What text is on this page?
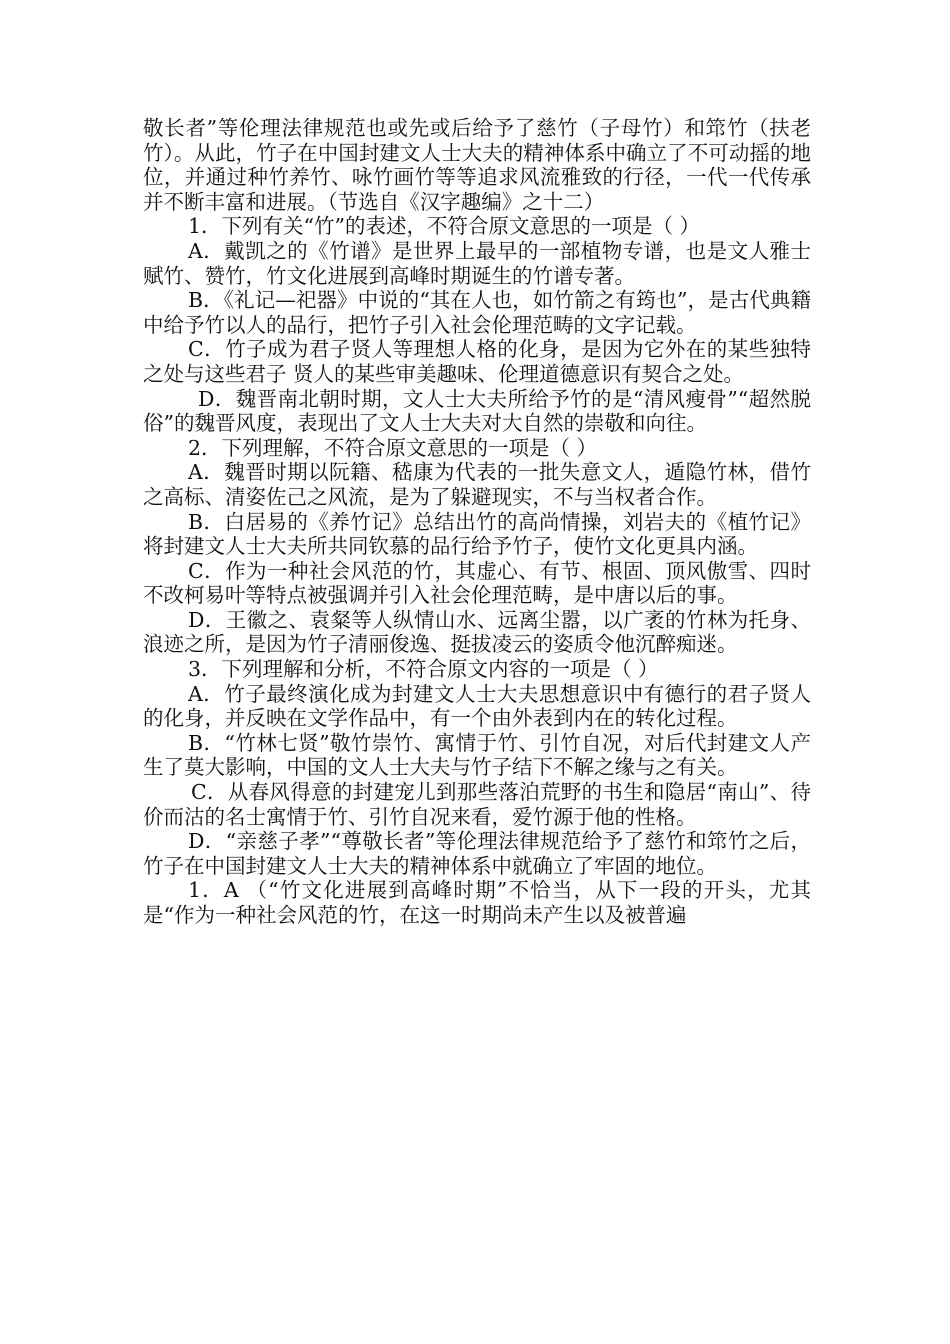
敬长者”等伦理法律规范也或先或后给予了慈竹（子母竹）和筇竹（扶老竹）。从此，竹子在中国封建文人士大夫的精神体系中确立了不可动摇的地位，并通过种竹养竹、咏竹画竹等等追求风流雅致的行径，一代一代传承并不断丰富和进展。（节选自《汉字趣编》之十二）

1．下列有关“竹”的表述，不符合原文意思的一项是（ ）

A．戴凯之的《竹谱》是世界上最早的一部植物专谱，也是文人雅士赋竹、赞竹，竹文化进展到高峰时期诞生的竹谱专著。

B．《礼记—祀器》中说的“其在人也，如竹箭之有筠也”，是古代典籍中给予竹以人的品行，把竹子引入社会伦理范畴的文字记载。

C．竹子成为君子贤人等理想人格的化身，是因为它外在的某些独特之处与这些君子 贤人的某些审美趣味、伦理道德意识有契合之处。

D．魏晋南北朝时期，文人士大夫所给予竹的是“清风瘦骨”“超然脱俗”的魏晋风度，表现出了文人士大夫对大自然的崇敬和向往。

2．下列理解，不符合原文意思的一项是（ ）

A．魏晋时期以阮籍、嵇康为代表的一批失意文人，遁隐竹林，借竹之高标、清姿佐己之风流，是为了躲避现实，不与当权者合作。

B．白居易的《养竹记》总结出竹的高尚情操，刘岩夫的《植竹记》将封建文人士大夫所共同钦慕的品行给予竹子，使竹文化更具内涵。

C．作为一种社会风范的竹，其虚心、有节、根固、顶风傲雪、四时不改柯易叶等特点被强调并引入社会伦理范畴，是中唐以后的事。

D．王徽之、袁粲等人纵情山水、远离尘嚣，以广袤的竹林为托身、浪迹之所，是因为竹子清丽俊逸、挺拔凌云的姿质令他沉醉痴迷。

3．下列理解和分析，不符合原文内容的一项是（ ）

A．竹子最终演化成为封建文人士大夫思想意识中有德行的君子贤人的化身，并反映在文学作品中，有一个由外表到内在的转化过程。

B．“竹林七贤”敬竹崇竹、寓情于竹、引竹自况，对后代封建文人产生了莫大影响，中国的文人士大夫与竹子结下不解之缘与之有关。

C．从春风得意的封建宠儿到那些落泊荒野的书生和隐居“南山”、待价而沽的名士寓情于竹、引竹自况来看，爱竹源于他的性格。

D．“亲慈子孝”“尊敬长者”等伦理法律规范给予了慈竹和筇竹之后，竹子在中国封建文人士大夫的精神体系中就确立了牢固的地位。

1．A （“竹文化进展到高峰时期”不恰当，从下一段的开头，尤其是“作为一种社会风范的竹，在这一时期尚未产生以及被普遍
